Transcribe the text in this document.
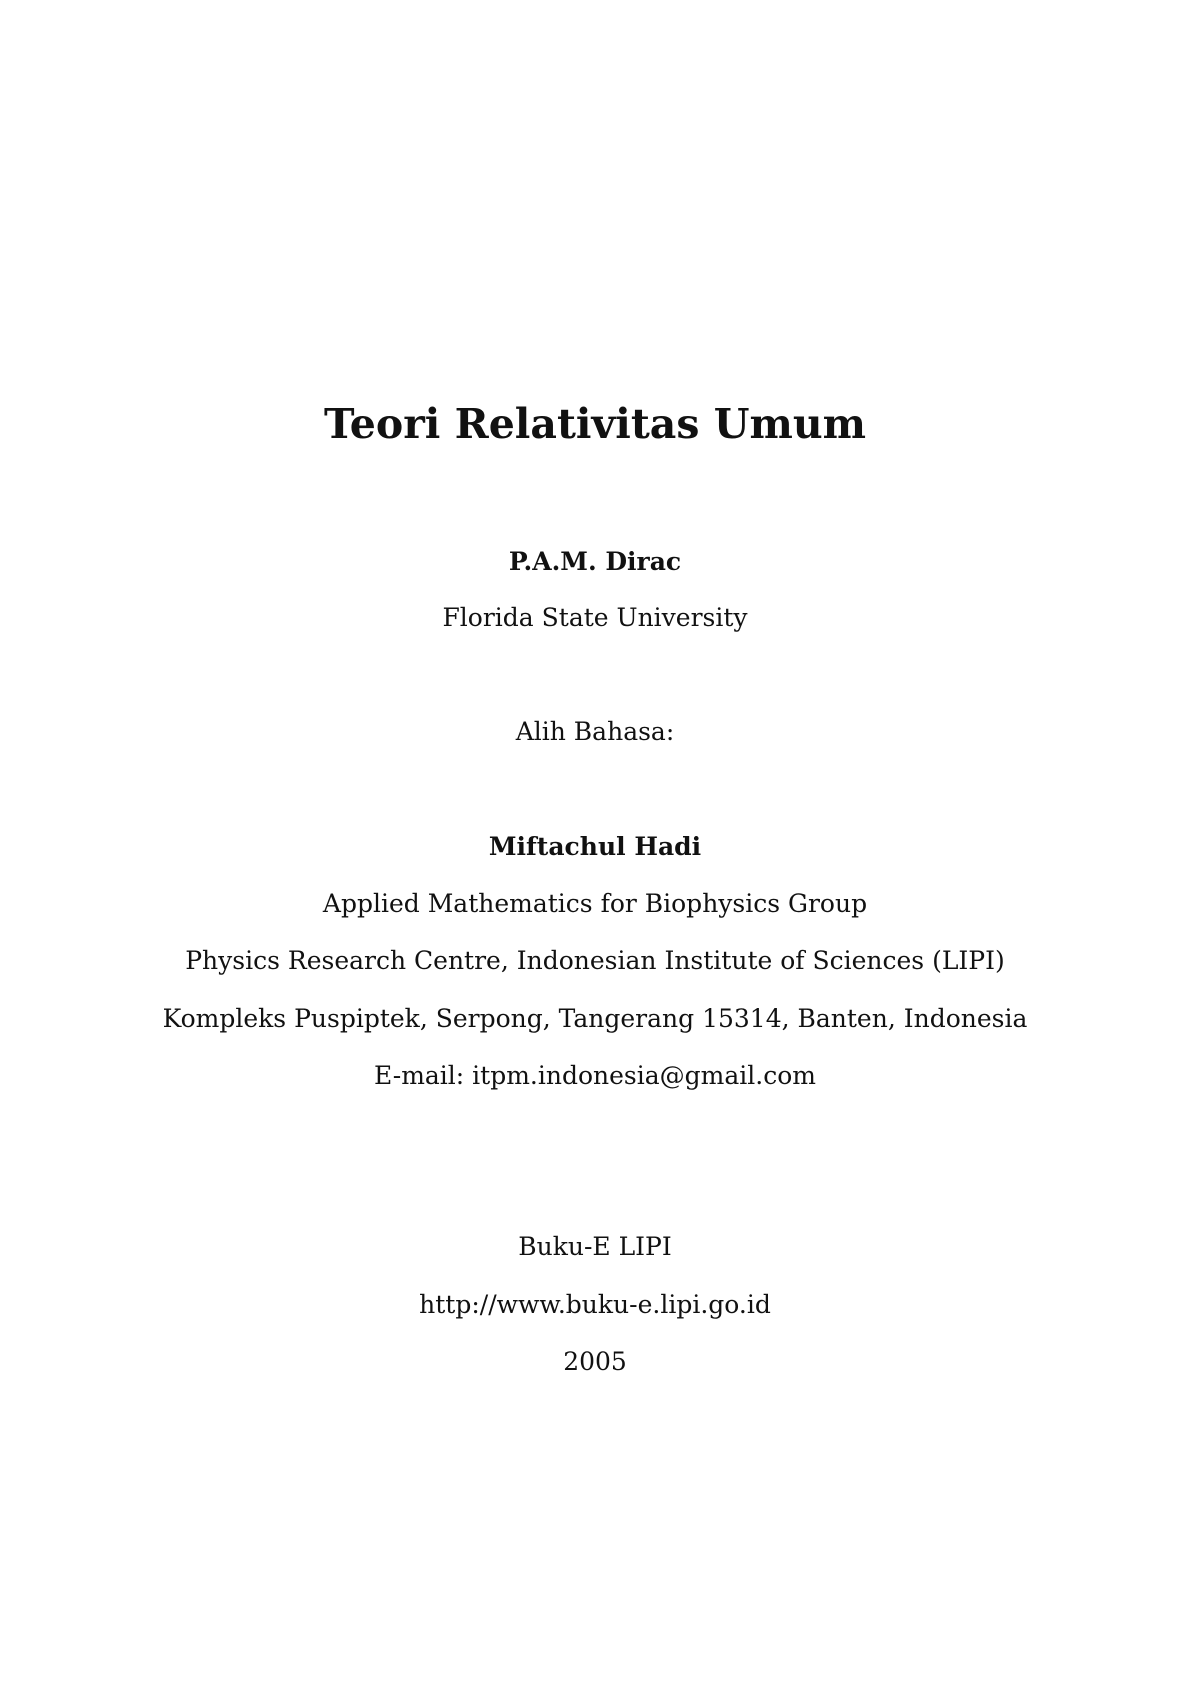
Teori Relativitas Umum
P.A.M. Dirac
Florida State University
Alih Bahasa:
Miftachul Hadi
Applied Mathematics for Biophysics Group
Physics Research Centre, Indonesian Institute of Sciences (LIPI)
Kompleks Puspiptek, Serpong, Tangerang 15314, Banten, Indonesia
E-mail: itpm.indonesia@gmail.com
Buku-E LIPI
http://www.buku-e.lipi.go.id
2005
